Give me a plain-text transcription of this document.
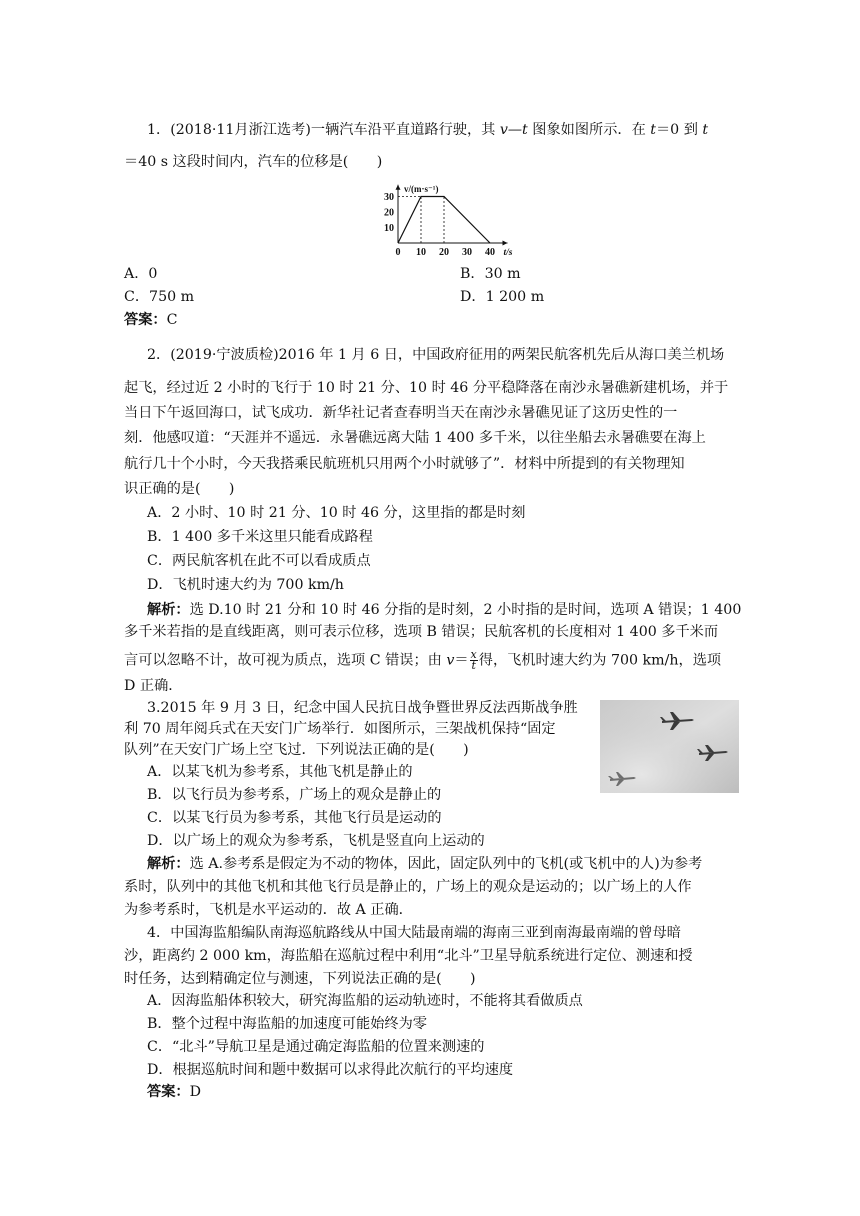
1．(2018·11月浙江选考)一辆汽车沿平直道路行驶，其 v—t 图象如图所示．在 t＝0 到 t
＝40 s 这段时间内，汽车的位移是(　　)
0 10 20 30 40
10
20
30
t/s
v/(m·s⁻¹)
A．0	B．30 m
C．750 m	D．1 200 m
答案：C
2．(2019·宁波质检)2016 年 1 月 6 日，中国政府征用的两架民航客机先后从海口美兰机场
起飞，经过近 2 小时的飞行于 10 时 21 分、10 时 46 分平稳降落在南沙永暑礁新建机场，并于
当日下午返回海口，试飞成功．新华社记者查春明当天在南沙永暑礁见证了这历史性的一
刻．他感叹道：“天涯并不遥远．永暑礁远离大陆 1 400 多千米，以往坐船去永暑礁要在海上
航行几十个小时，今天我搭乘民航班机只用两个小时就够了”．材料中所提到的有关物理知
识正确的是(　　)
A．2 小时、10 时 21 分、10 时 46 分，这里指的都是时刻
B．1 400 多千米这里只能看成路程
C．两民航客机在此不可以看成质点
D．飞机时速大约为 700 km/h
解析：选 D.10 时 21 分和 10 时 46 分指的是时刻，2 小时指的是时间，选项 A 错误；1 400
多千米若指的是直线距离，则可表示位移，选项 B 错误；民航客机的长度相对 1 400 多千米而
言可以忽略不计，故可视为质点，选项 C 错误；由 $v= \frac{x}{t}$ 得，飞机时速大约为 700 km/h，选项
D 正确．
3.2015 年 9 月 3 日，纪念中国人民抗日战争暨世界反法西斯战争胜
利 70 周年阅兵式在天安门广场举行．如图所示，三架战机保持“固定
队列”在天安门广场上空飞过．下列说法正确的是(　　)
A．以某飞机为参考系，其他飞机是静止的
B．以飞行员为参考系，广场上的观众是静止的
C．以某飞行员为参考系，其他飞行员是运动的
D．以广场上的观众为参考系，飞机是竖直向上运动的
解析：选 A.参考系是假定为不动的物体，因此，固定队列中的飞机(或飞机中的人)为参考
系时，队列中的其他飞机和其他飞行员是静止的，广场上的观众是运动的；以广场上的人作
为参考系时，飞机是水平运动的．故 A 正确．
4．中国海监船编队南海巡航路线从中国大陆最南端的海南三亚到南海最南端的曾母暗
沙，距离约 2 000 km，海监船在巡航过程中利用“北斗”卫星导航系统进行定位、测速和授
时任务，达到精确定位与测速，下列说法正确的是(　　)
A．因海监船体积较大，研究海监船的运动轨迹时，不能将其看做质点
B．整个过程中海监船的加速度可能始终为零
C．“北斗”导航卫星是通过确定海监船的位置来测速的
D．根据巡航时间和题中数据可以求得此次航行的平均速度
答案：D
